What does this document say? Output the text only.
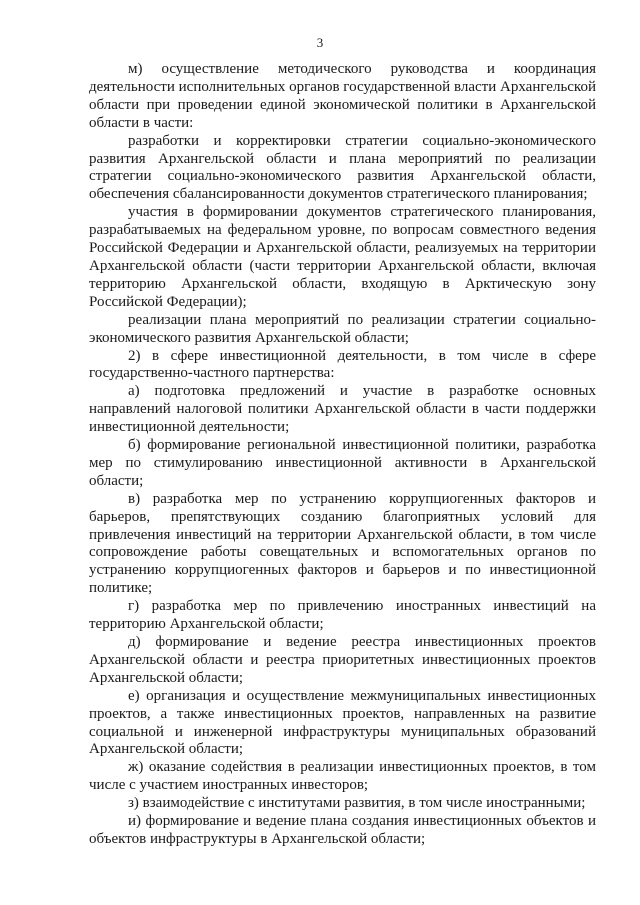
3

м) осуществление методического руководства и координация деятельности исполнительных органов государственной власти Архангельской области при проведении единой экономической политики в Архангельской области в части:

разработки и корректировки стратегии социально-экономического развития Архангельской области и плана мероприятий по реализации стратегии социально-экономического развития Архангельской области, обеспечения сбалансированности документов стратегического планирования;

участия в формировании документов стратегического планирования, разрабатываемых на федеральном уровне, по вопросам совместного ведения Российской Федерации и Архангельской области, реализуемых на территории Архангельской области (части территории Архангельской области, включая территорию Архангельской области, входящую в Арктическую зону Российской Федерации);

реализации плана мероприятий по реализации стратегии социально-экономического развития Архангельской области;

2) в сфере инвестиционной деятельности, в том числе в сфере государственно-частного партнерства:

а) подготовка предложений и участие в разработке основных направлений налоговой политики Архангельской области в части поддержки инвестиционной деятельности;

б) формирование региональной инвестиционной политики, разработка мер по стимулированию инвестиционной активности в Архангельской области;

в) разработка мер по устранению коррупциогенных факторов и барьеров, препятствующих созданию благоприятных условий для привлечения инвестиций на территории Архангельской области, в том числе сопровождение работы совещательных и вспомогательных органов по устранению коррупциогенных факторов и барьеров и по инвестиционной политике;

г) разработка мер по привлечению иностранных инвестиций на территорию Архангельской области;

д) формирование и ведение реестра инвестиционных проектов Архангельской области и реестра приоритетных инвестиционных проектов Архангельской области;

е) организация и осуществление межмуниципальных инвестиционных проектов, а также инвестиционных проектов, направленных на развитие социальной и инженерной инфраструктуры муниципальных образований Архангельской области;

ж) оказание содействия в реализации инвестиционных проектов, в том числе с участием иностранных инвесторов;

з) взаимодействие с институтами развития, в том числе иностранными;

и) формирование и ведение плана создания инвестиционных объектов и объектов инфраструктуры в Архангельской области;
